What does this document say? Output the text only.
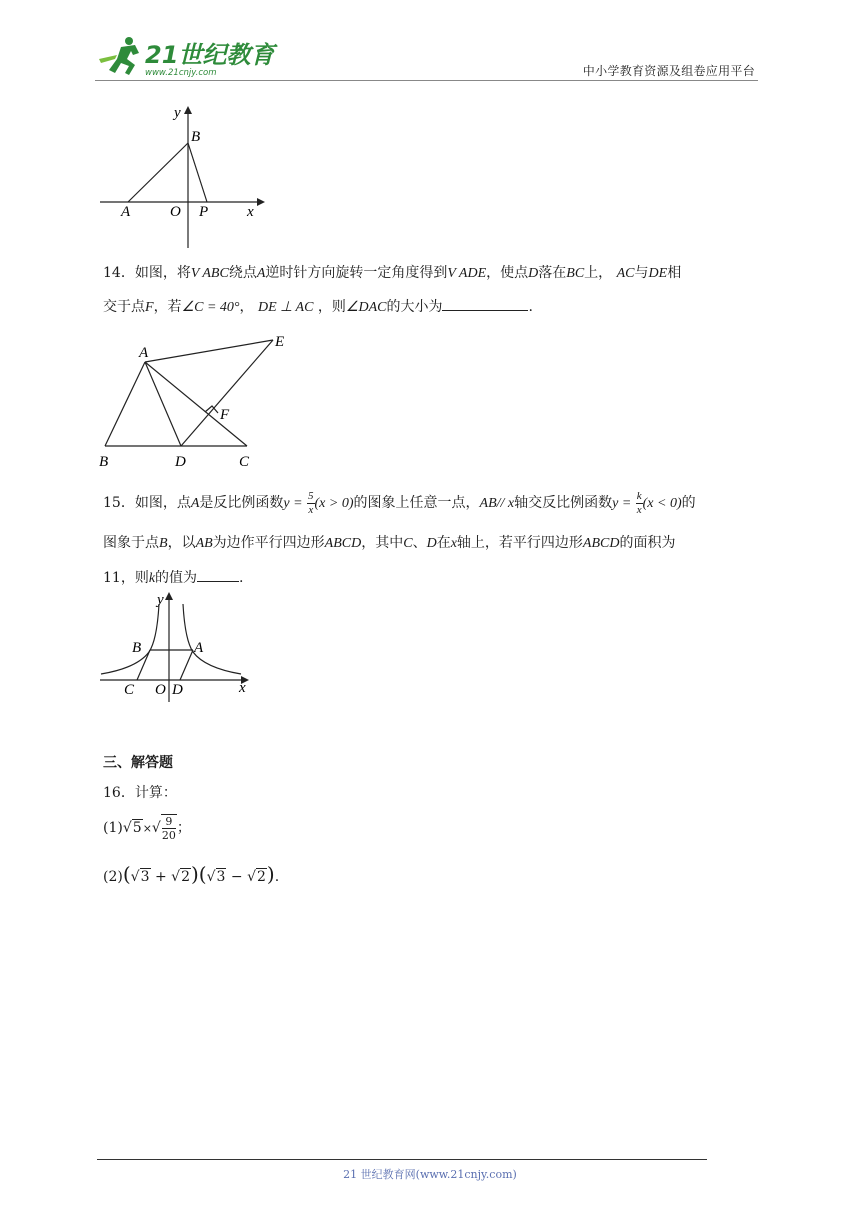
21世纪教育
www.21cnjy.com	中小学教育资源及组卷应用平台
y
B
A	O P	x

14．如图，将V ABC绕点A逆时针方向旋转一定角度得到V ADE，使点D落在BC上， AC与DE相

交于点F，若∠C = 40°， DE ⊥ AC ，则∠DAC的大小为	.

A
E
F
B	D	C

15．如图，点A是反比例函数$y = \frac{5}{x} (x > 0)$的图象上任意一点，AB// x轴交反比例函数$y = \frac{k}{x} (x < 0)$的

图象于点B，以AB为边作平行四边形ABCD，其中C、D在x轴上，若平行四边形ABCD的面积为

11，则k的值为	.

y
B	A
C O D	x
三、解答题
16．计算：
$(1)√5\times√ \frac{9}{20}$ ；
(2)(√3 + √2)(√3 − √2).
21 世纪教育网(www.21cnjy.com)
